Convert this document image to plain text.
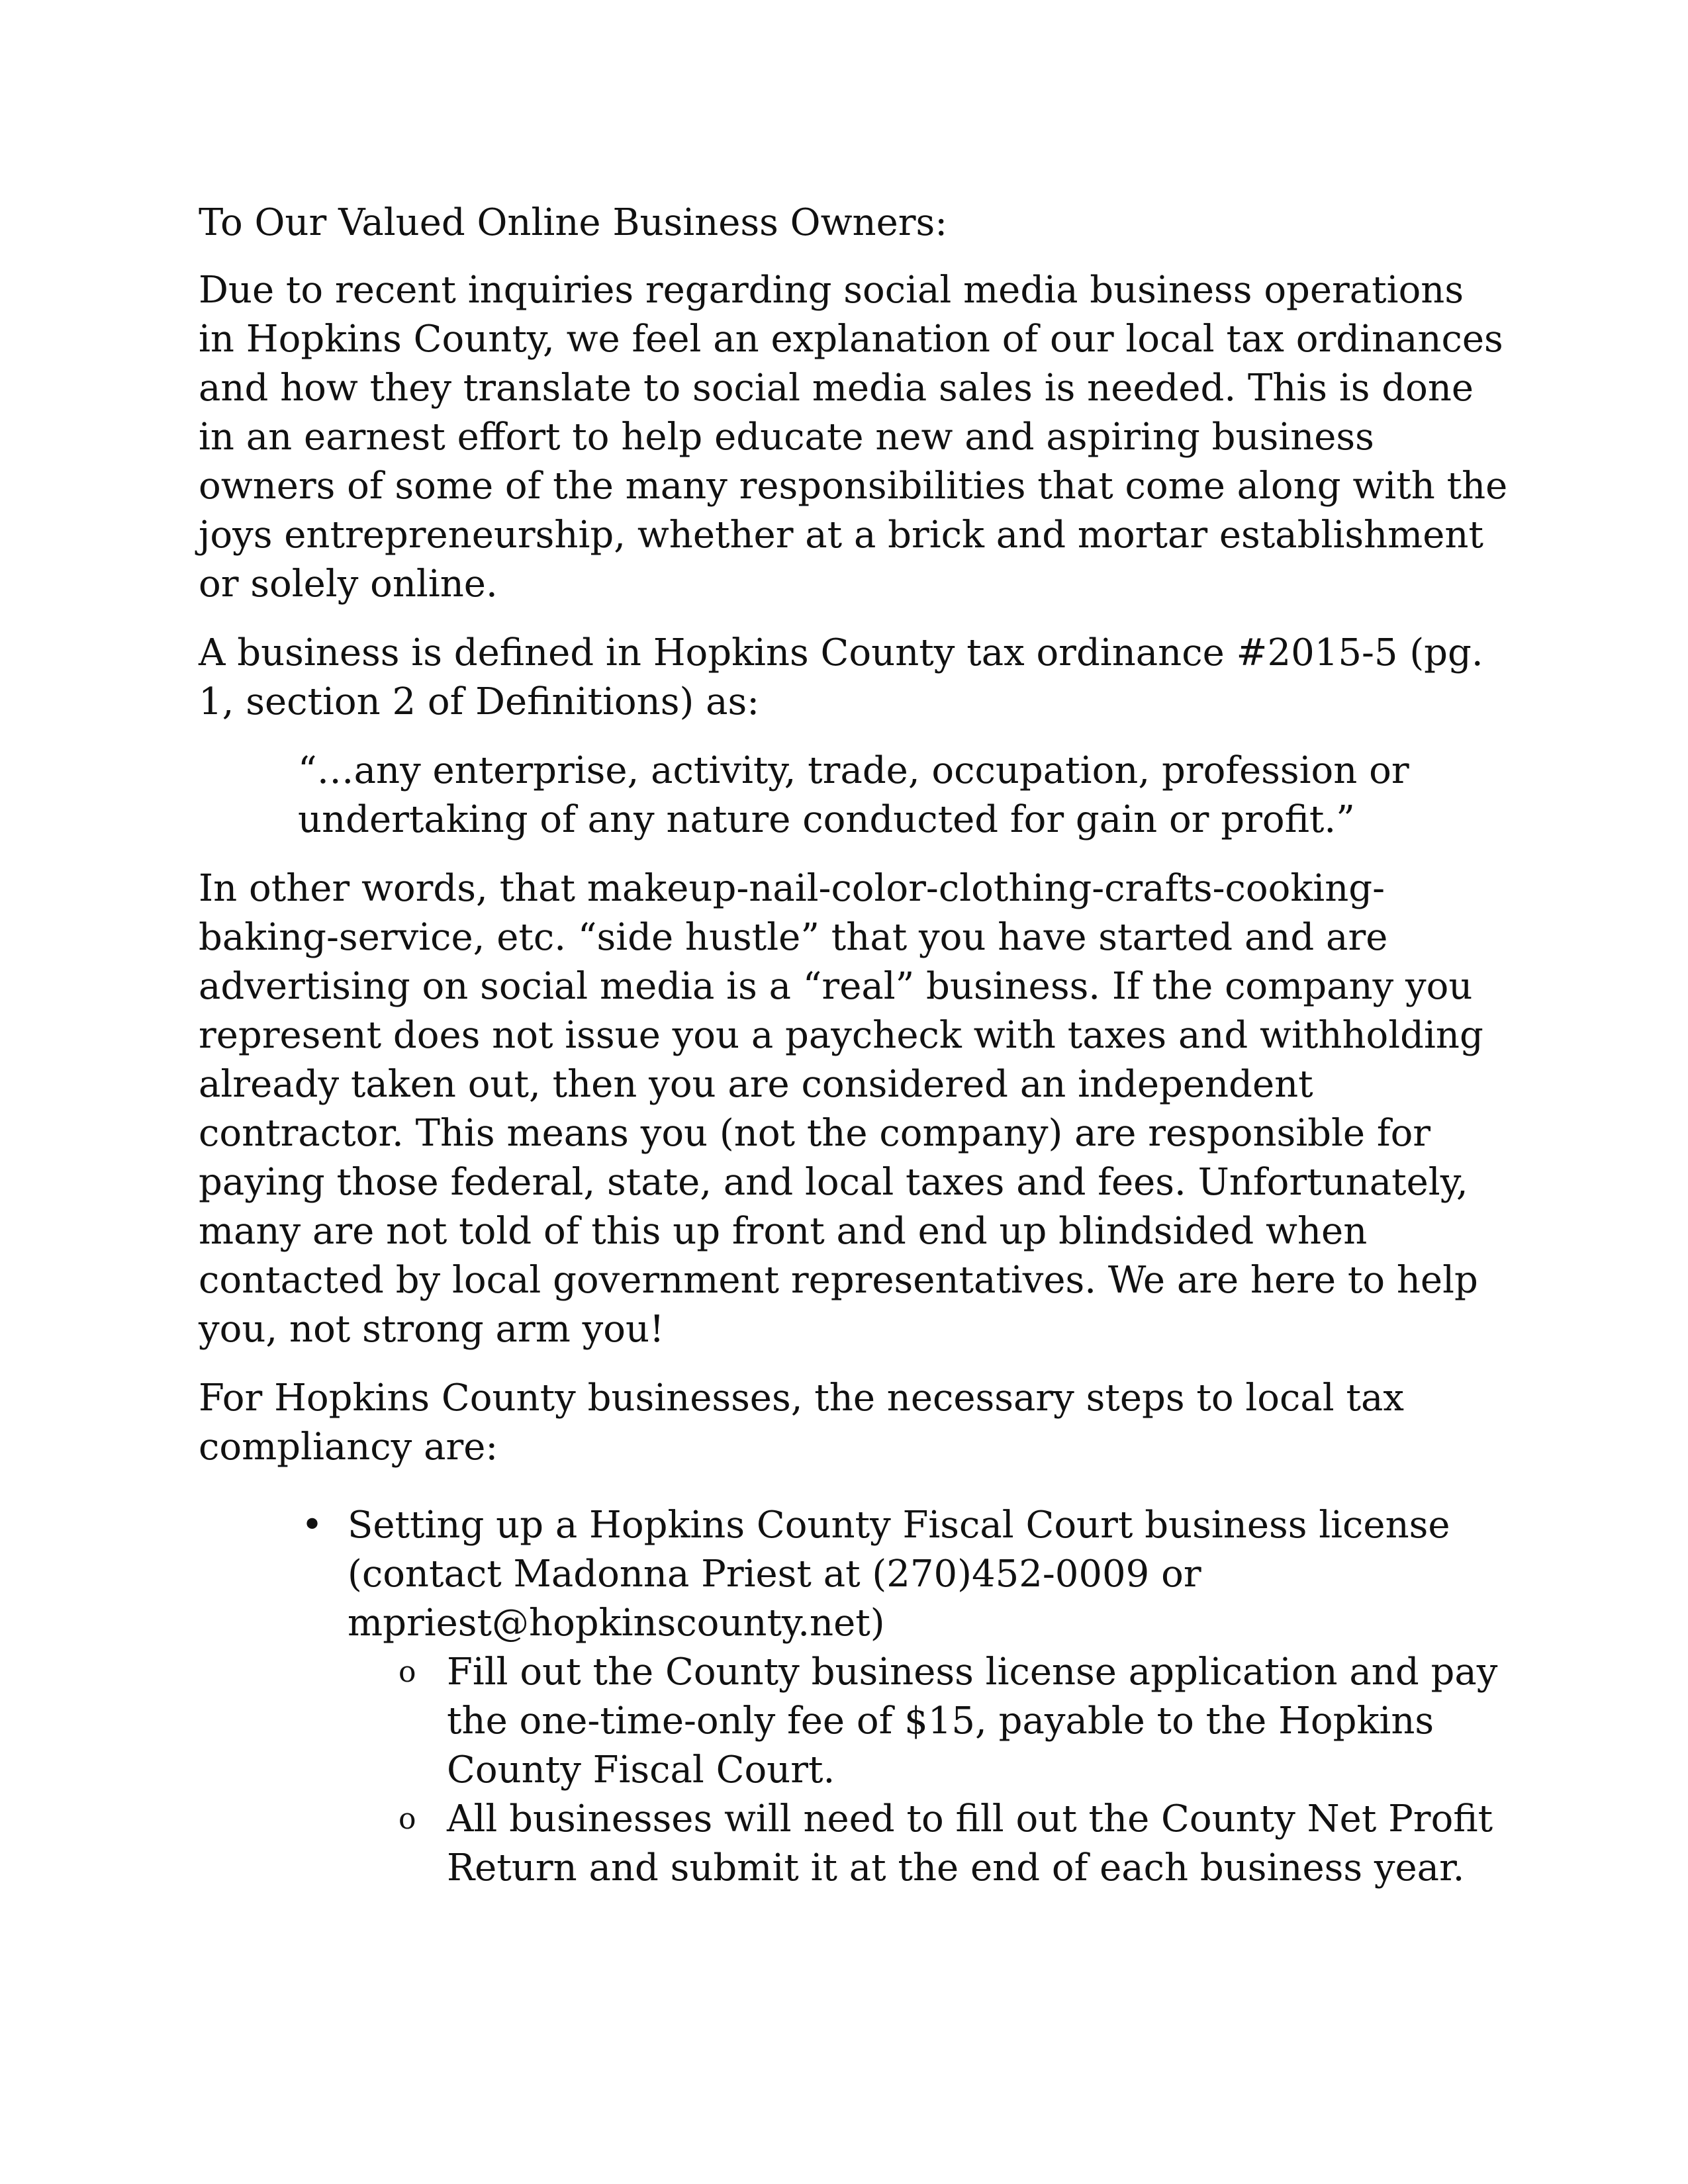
To Our Valued Online Business Owners:

Due to recent inquiries regarding social media business operations in Hopkins County, we feel an explanation of our local tax ordinances and how they translate to social media sales is needed. This is done in an earnest effort to help educate new and aspiring business owners of some of the many responsibilities that come along with the joys entrepreneurship, whether at a brick and mortar establishment or solely online.

A business is defined in Hopkins County tax ordinance #2015-5 (pg. 1, section 2 of Definitions) as:

“…any enterprise, activity, trade, occupation, profession or undertaking of any nature conducted for gain or profit.”

In other words, that makeup-nail-color-clothing-crafts-cooking-baking-service, etc. “side hustle” that you have started and are advertising on social media is a “real” business. If the company you represent does not issue you a paycheck with taxes and withholding already taken out, then you are considered an independent contractor. This means you (not the company) are responsible for paying those federal, state, and local taxes and fees. Unfortunately, many are not told of this up front and end up blindsided when contacted by local government representatives. We are here to help you, not strong arm you!

For Hopkins County businesses, the necessary steps to local tax compliancy are:

• Setting up a Hopkins County Fiscal Court business license (contact Madonna Priest at (270)452-0009 or mpriest@hopkinscounty.net)
o Fill out the County business license application and pay the one-time-only fee of $15, payable to the Hopkins County Fiscal Court.
o All businesses will need to fill out the County Net Profit Return and submit it at the end of each business year.
